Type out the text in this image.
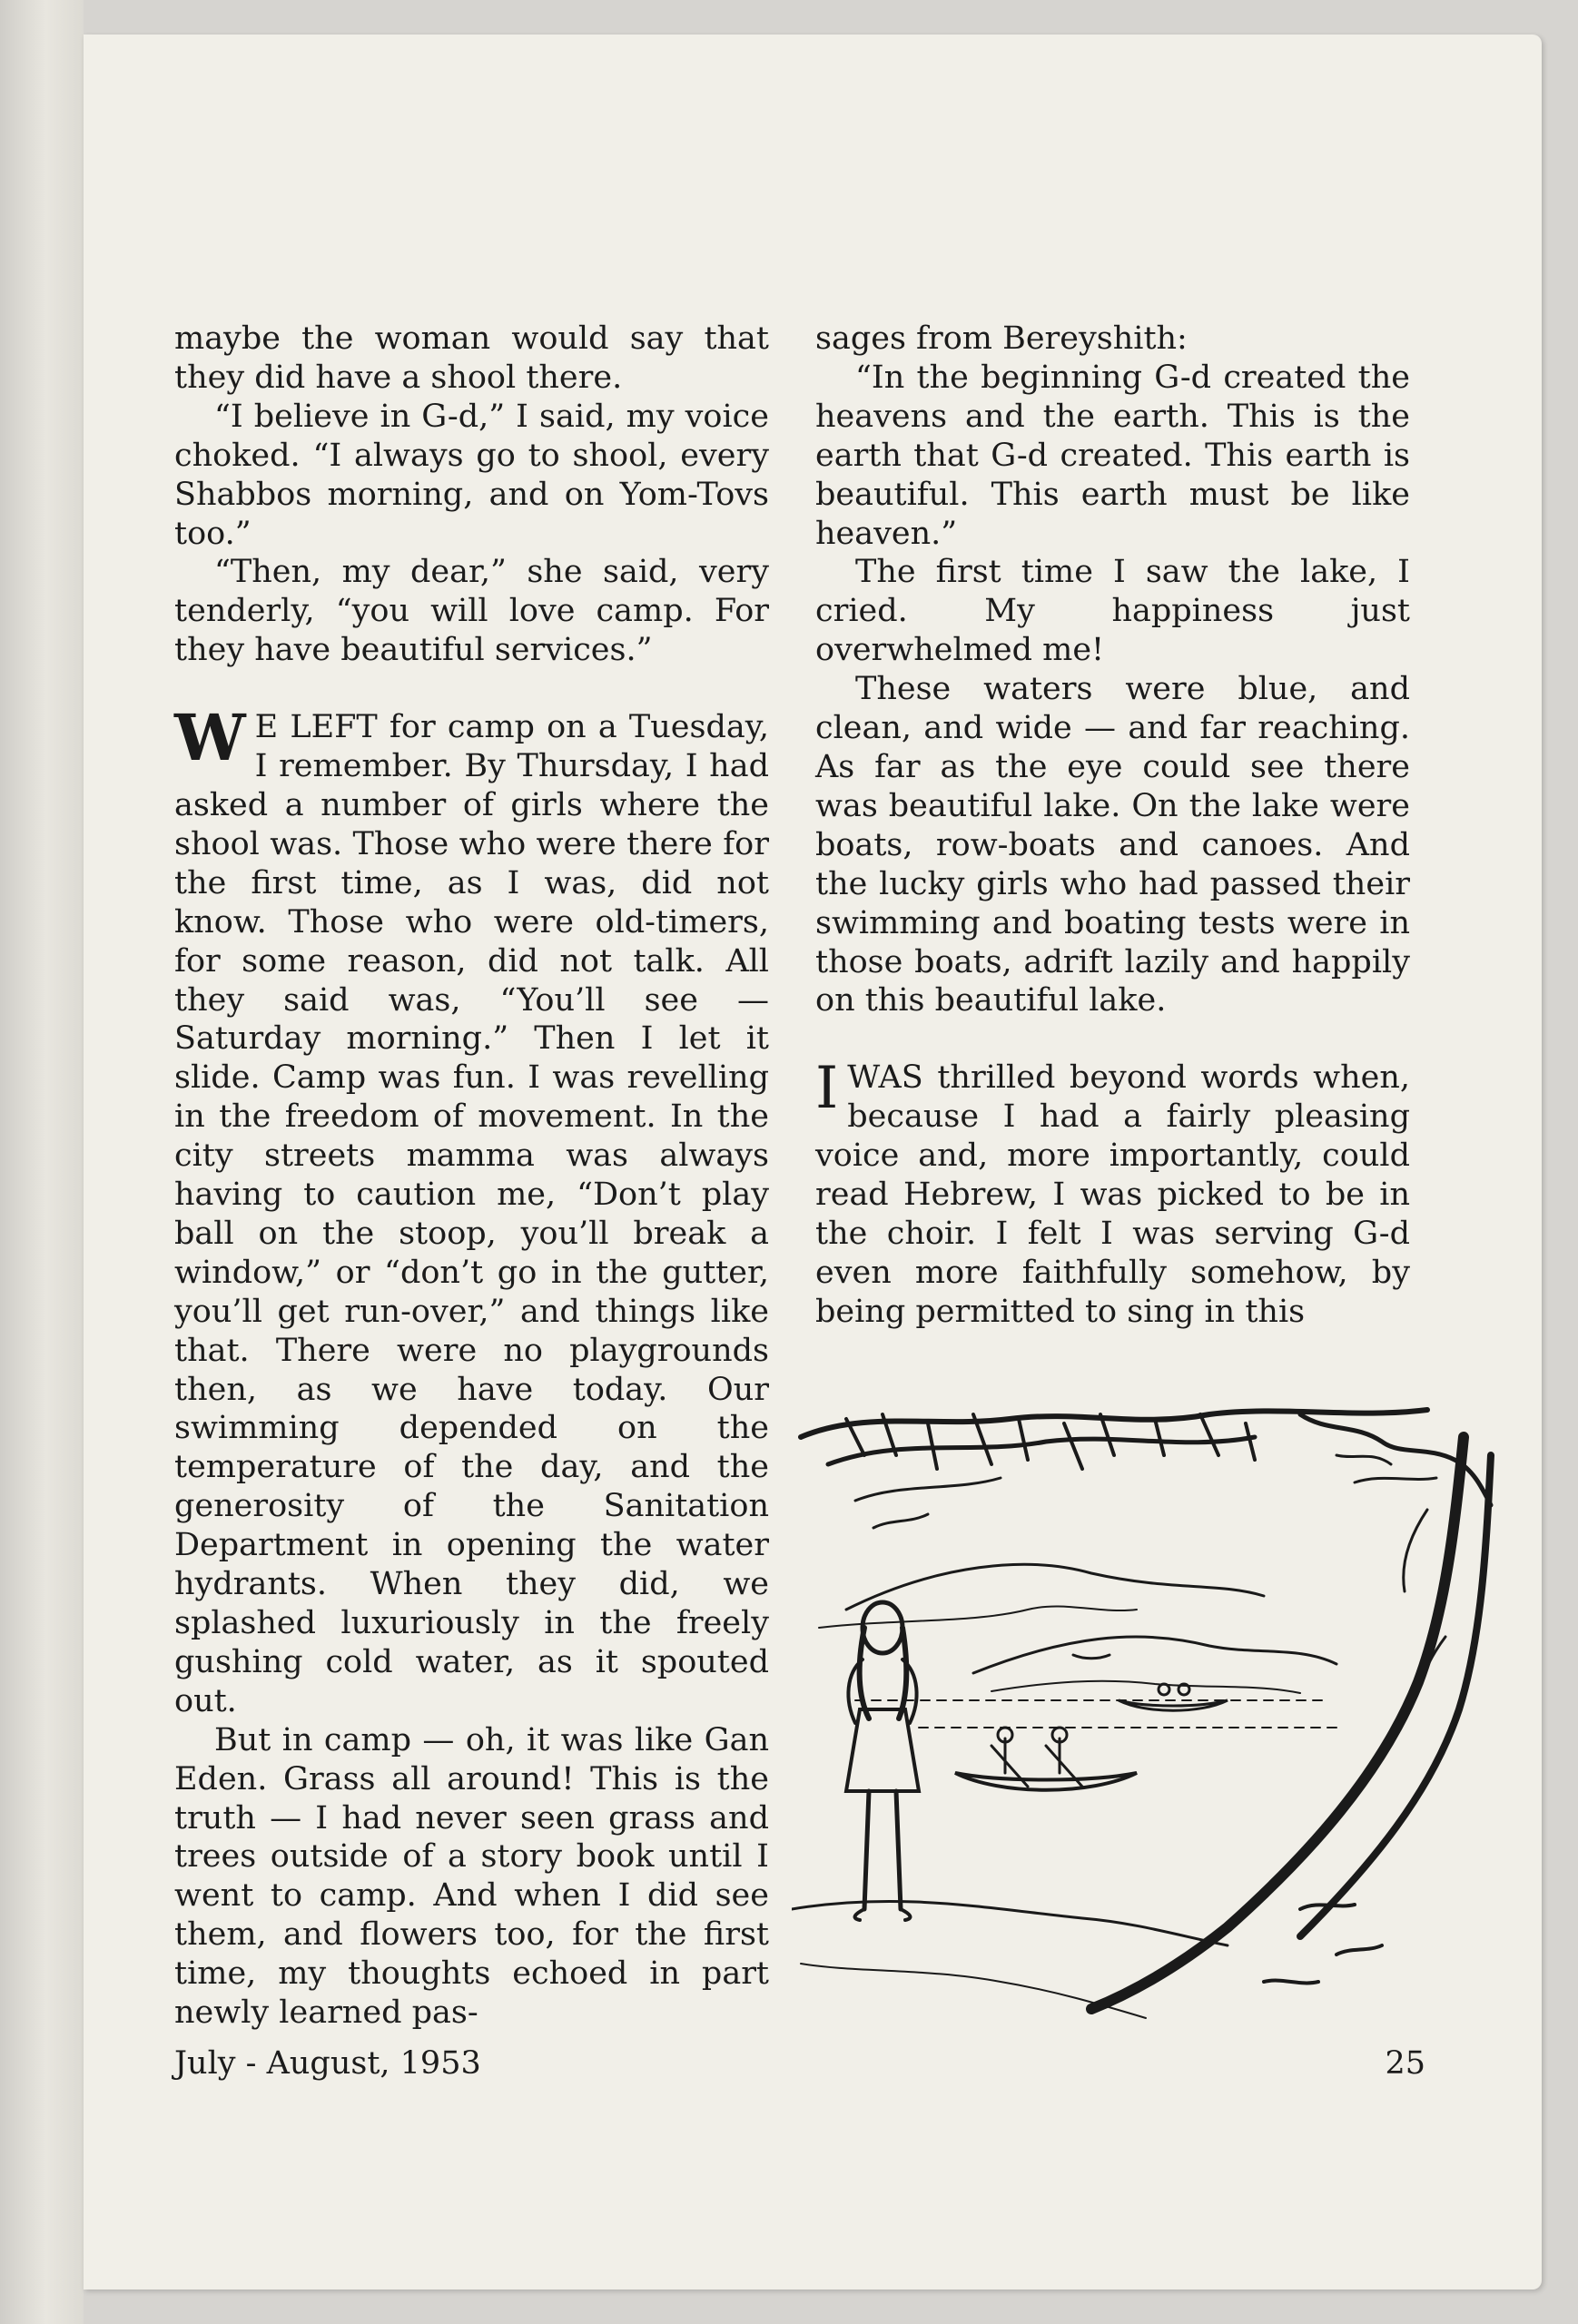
maybe the woman would say that they did have a shool there.

“I believe in G-d,” I said, my voice choked. “I always go to shool, every Shabbos morning, and on Yom-Tovs too.”

“Then, my dear,” she said, very tenderly, “you will love camp. For they have beautiful services.”

W E LEFT for camp on a Tuesday, I remember. By Thursday, I had asked a number of girls where the shool was. Those who were there for the first time, as I was, did not know. Those who were old-timers, for some reason, did not talk. All they said was, “You’ll see — Saturday morning.” Then I let it slide. Camp was fun. I was revelling in the freedom of movement. In the city streets mamma was always having to caution me, “Don’t play ball on the stoop, you’ll break a window,” or “don’t go in the gutter, you’ll get run-over,” and things like that. There were no playgrounds then, as we have today. Our swimming depended on the temperature of the day, and the generosity of the Sanitation Department in opening the water hydrants. When they did, we splashed luxuriously in the freely gushing cold water, as it spouted out.

But in camp — oh, it was like Gan Eden. Grass all around! This is the truth — I had never seen grass and trees outside of a story book until I went to camp. And when I did see them, and flowers too, for the first time, my thoughts echoed in part newly learned pas-

sages from Bereyshith:

“In the beginning G-d created the heavens and the earth. This is the earth that G-d created. This earth is beautiful. This earth must be like heaven.”

The first time I saw the lake, I cried. My happiness just overwhelmed me!

These waters were blue, and clean, and wide — and far reaching. As far as the eye could see there was beautiful lake. On the lake were boats, row-boats and canoes. And the lucky girls who had passed their swimming and boating tests were in those boats, adrift lazily and happily on this beautiful lake.

IWAS thrilled beyond words when, because I had a fairly pleasing voice and, more importantly, could read Hebrew, I was picked to be in the choir. I felt I was serving G-d even more faithfully somehow, by being permitted to sing in this

July - August, 1953	25
